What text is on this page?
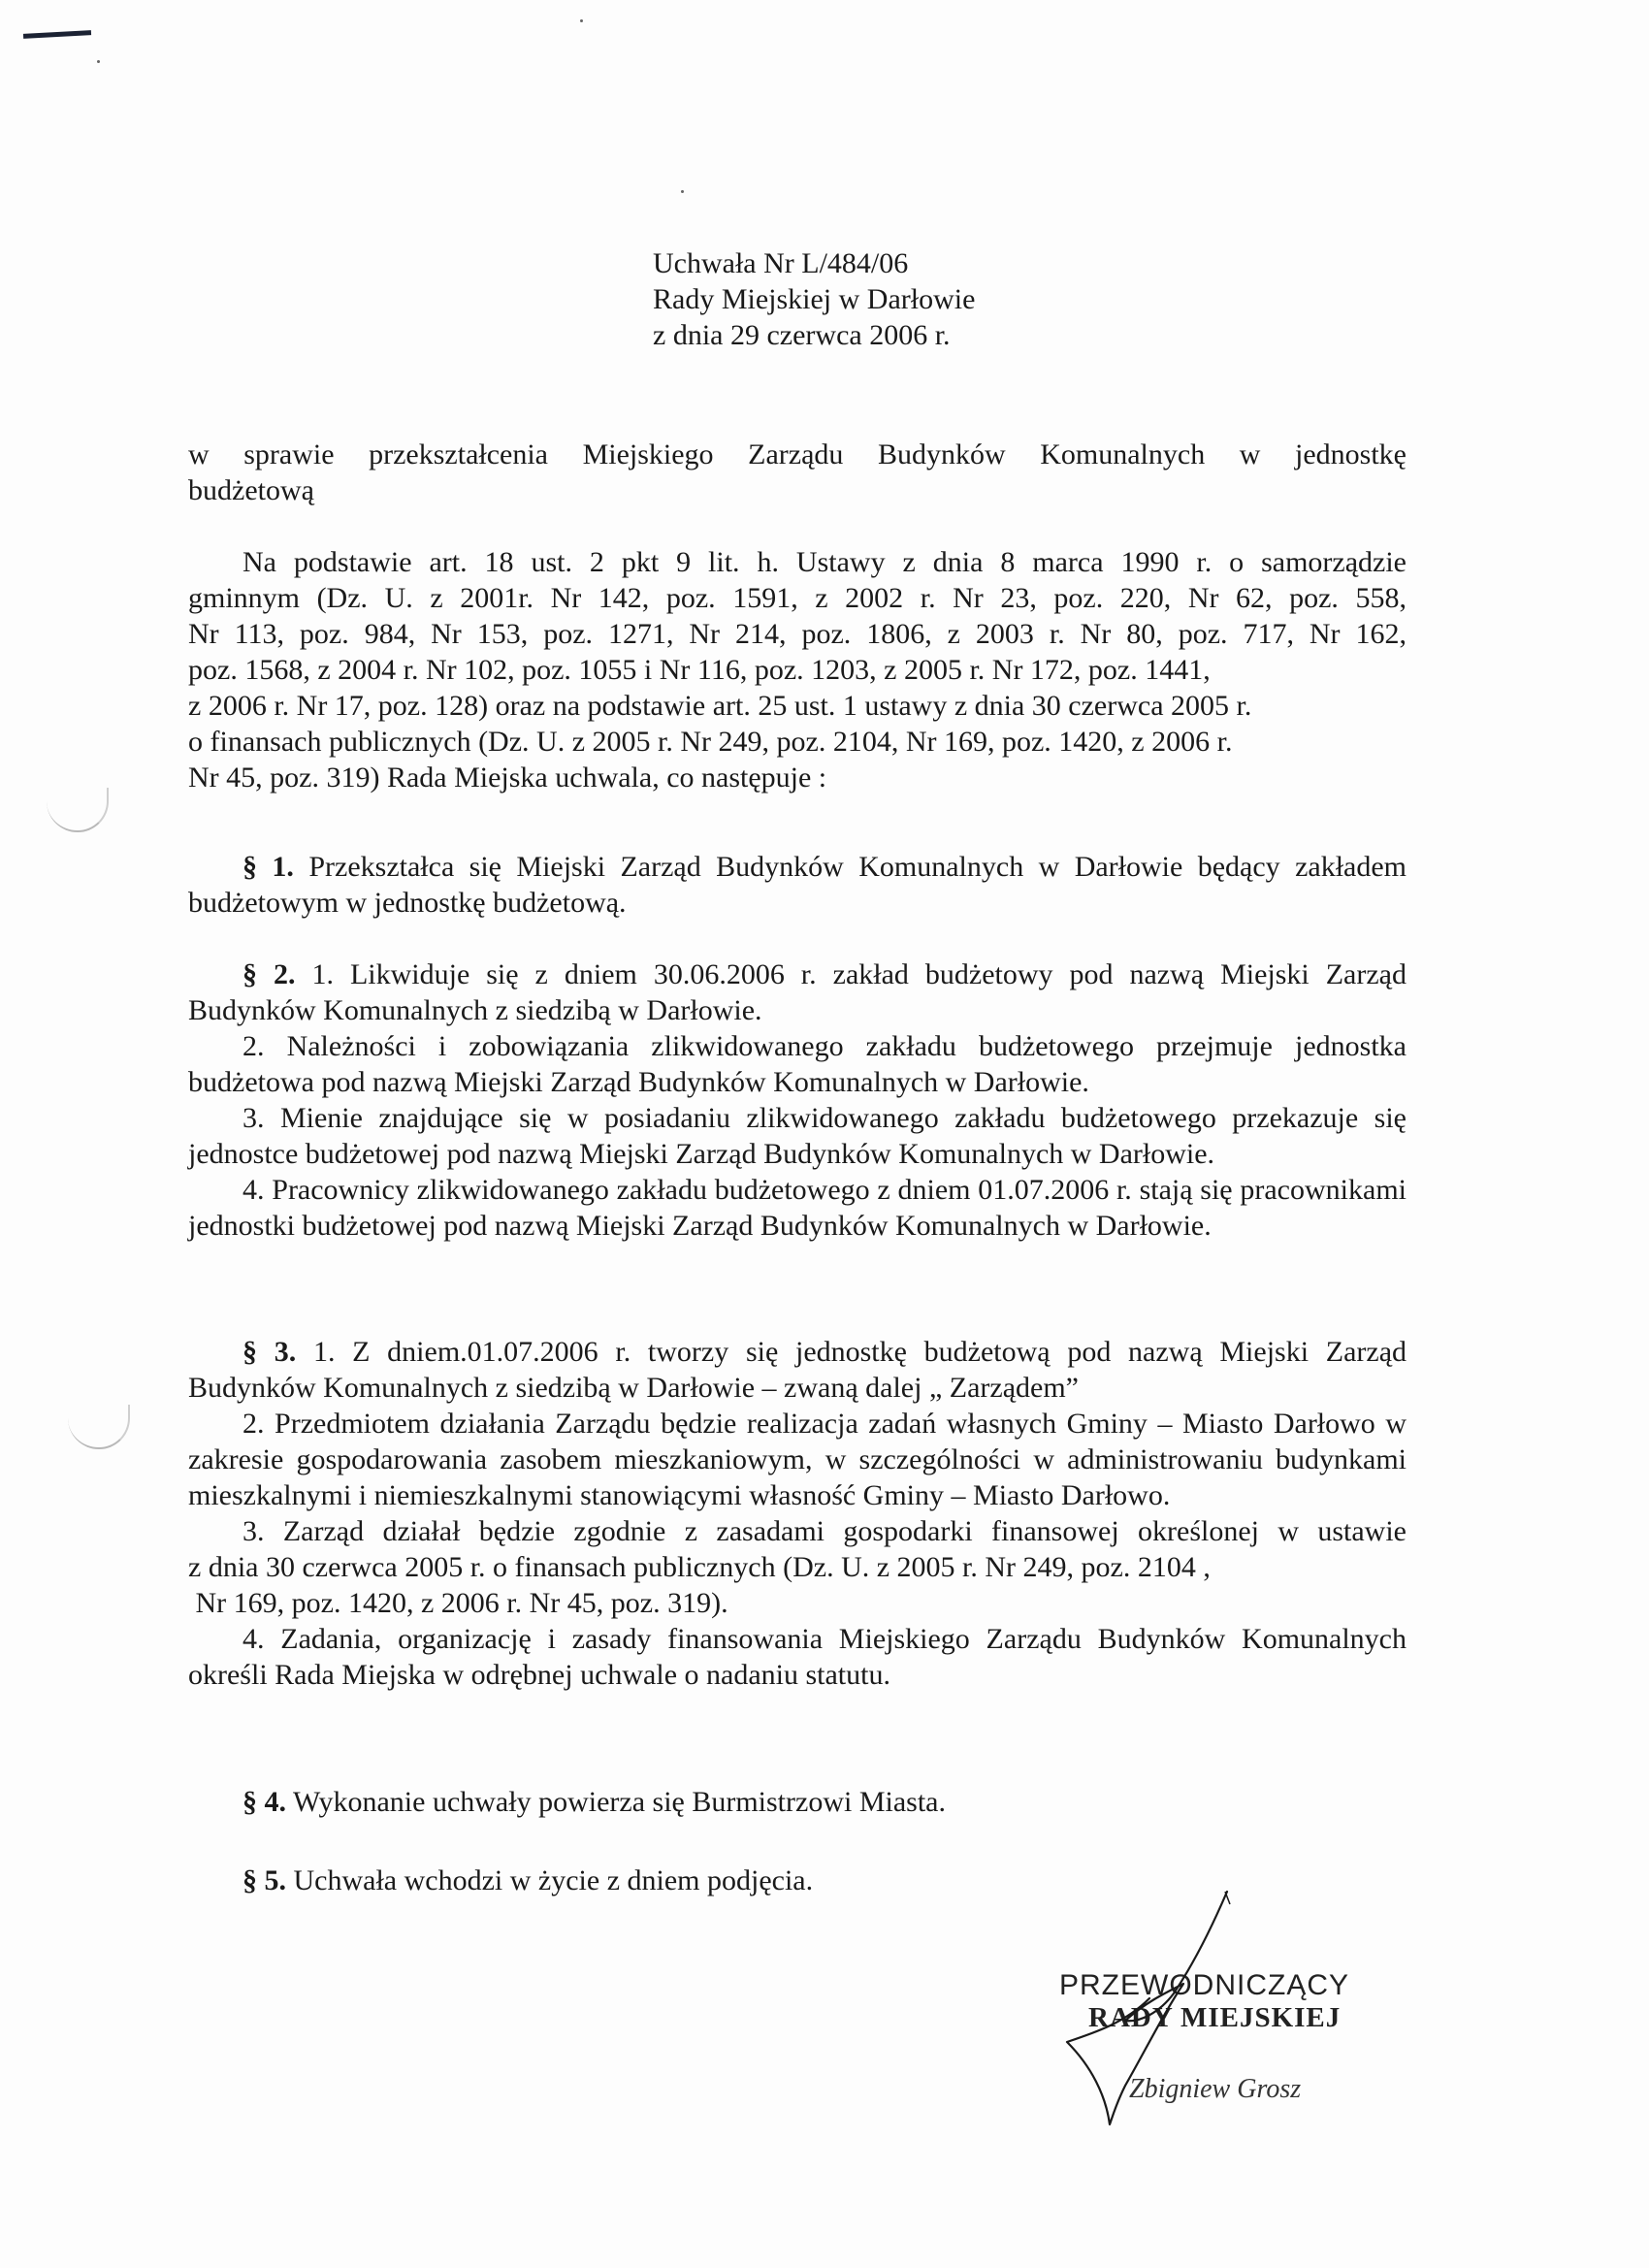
Uchwała Nr L/484/06
Rady Miejskiej w Darłowie
z dnia 29 czerwca 2006 r.
w sprawie przekształcenia Miejskiego Zarządu Budynków Komunalnych w jednostkę
budżetową
Na podstawie art. 18 ust. 2 pkt 9 lit. h. Ustawy z dnia 8 marca 1990 r. o samorządzie
gminnym (Dz. U. z 2001r. Nr 142, poz. 1591, z 2002 r. Nr 23, poz. 220, Nr 62, poz. 558,
Nr 113, poz. 984, Nr 153, poz. 1271, Nr 214, poz. 1806, z 2003 r. Nr 80, poz. 717, Nr 162,
poz. 1568, z 2004 r. Nr 102, poz. 1055 i Nr 116, poz. 1203, z 2005 r. Nr 172, poz. 1441,
z 2006 r. Nr 17, poz. 128) oraz na podstawie art. 25 ust. 1 ustawy z dnia 30 czerwca 2005 r.
o finansach publicznych (Dz. U. z 2005 r. Nr 249, poz. 2104, Nr 169, poz. 1420, z 2006 r.
Nr 45, poz. 319) Rada Miejska uchwala, co następuje :

§ 1. Przekształca się Miejski Zarząd Budynków Komunalnych w Darłowie będący zakładem budżetowym w jednostkę budżetową.

§ 2. 1. Likwiduje się z dniem 30.06.2006 r. zakład budżetowy pod nazwą Miejski Zarząd Budynków Komunalnych z siedzibą w Darłowie.

2. Należności i zobowiązania zlikwidowanego zakładu budżetowego przejmuje jednostka budżetowa pod nazwą Miejski Zarząd Budynków Komunalnych w Darłowie.

3. Mienie znajdujące się w posiadaniu zlikwidowanego zakładu budżetowego przekazuje się jednostce budżetowej pod nazwą Miejski Zarząd Budynków Komunalnych w Darłowie.

4. Pracownicy zlikwidowanego zakładu budżetowego z dniem 01.07.2006 r. stają się pracownikami jednostki budżetowej pod nazwą Miejski Zarząd Budynków Komunalnych w Darłowie.

§ 3. 1. Z dniem.01.07.2006 r. tworzy się jednostkę budżetową pod nazwą Miejski Zarząd Budynków Komunalnych z siedzibą w Darłowie – zwaną dalej „ Zarządem”

2. Przedmiotem działania Zarządu będzie realizacja zadań własnych Gminy – Miasto Darłowo w zakresie gospodarowania zasobem mieszkaniowym, w szczególności w administrowaniu budynkami mieszkalnymi i niemieszkalnymi stanowiącymi własność Gminy – Miasto Darłowo.

3. Zarząd działał będzie zgodnie z zasadami gospodarki finansowej określonej w ustawie
z dnia 30 czerwca 2005 r. o finansach publicznych (Dz. U. z 2005 r. Nr 249, poz. 2104 ,
Nr 169, poz. 1420, z 2006 r. Nr 45, poz. 319).

4. Zadania, organizację i zasady finansowania Miejskiego Zarządu Budynków Komunalnych określi Rada Miejska w odrębnej uchwale o nadaniu statutu.

§ 4. Wykonanie uchwały powierza się Burmistrzowi Miasta.

§ 5. Uchwała wchodzi w życie z dniem podjęcia.

PRZEWODNICZĄCY
RADY MIEJSKIEJ
Zbigniew Grosz
